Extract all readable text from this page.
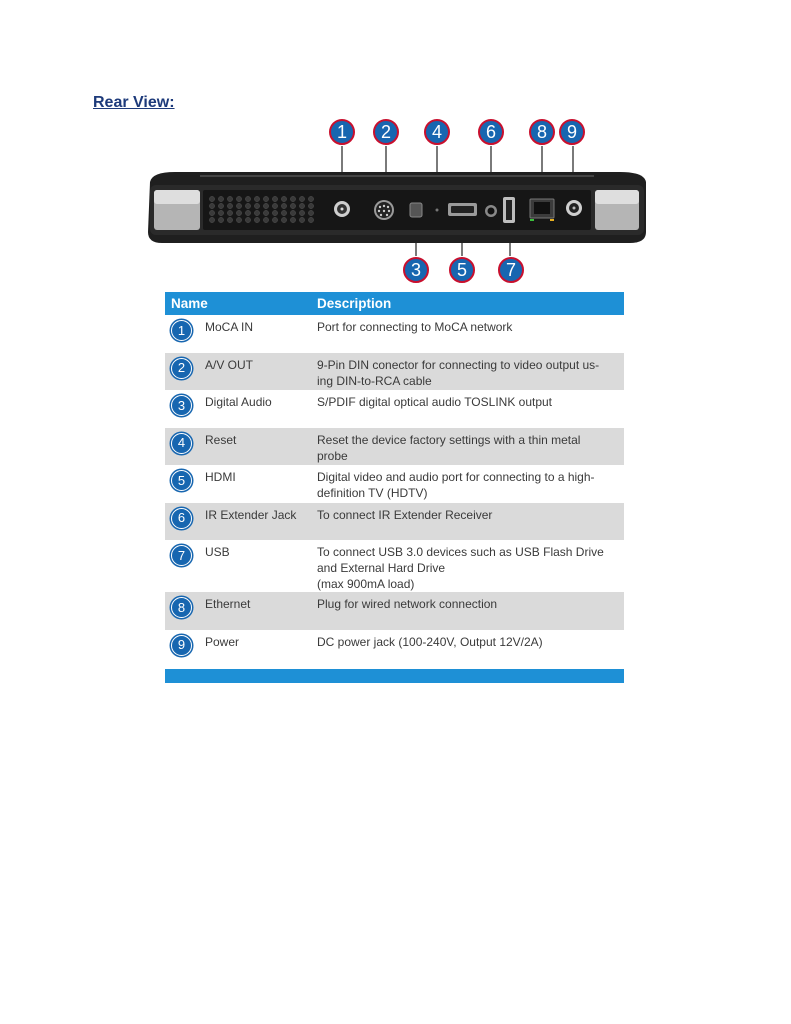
Rear View:
1 2 4 6 8 9
3 5 7
Name		Description

1	MoCA IN	Port for connecting to MoCA network

2	A/V OUT	9-Pin DIN conector for connecting to video output us-
ing DIN-to-RCA cable

3	Digital Audio	S/PDIF digital optical audio TOSLINK output

4	Reset	Reset the device factory settings with a thin metal
probe

5	HDMI	Digital video and audio port for connecting to a high-
definition TV (HDTV)

6	IR Extender Jack	To connect IR Extender Receiver

7	USB	To connect USB 3.0 devices such as USB Flash Drive
and External Hard Drive
(max 900mA load)

8	Ethernet	Plug for wired network connection

9	Power	DC power jack (100-240V, Output 12V/2A)
